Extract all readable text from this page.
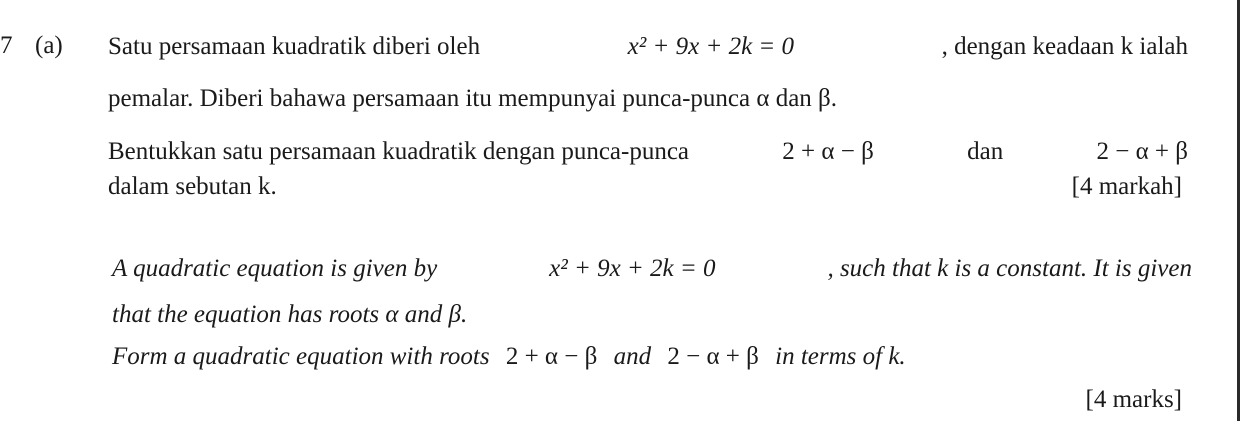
7 (a) Satu persamaan kuadratik diberi oleh	x² + 9x + 2k = 0	, dengan keadaan k ialah
pemalar. Diberi bahawa persamaan itu mempunyai punca-punca α dan β.
Bentukkan satu persamaan kuadratik dengan punca-punca	2 + α − β	dan	2 − α + β
dalam sebutan k.	[4 markah]
A quadratic equation is given by	x² + 9x + 2k = 0	, such that k is a constant. It is given
that the equation has roots α and β.
Form a quadratic equation with roots 2 + α − β and 2 − α + β in terms of k.
[4 marks]
